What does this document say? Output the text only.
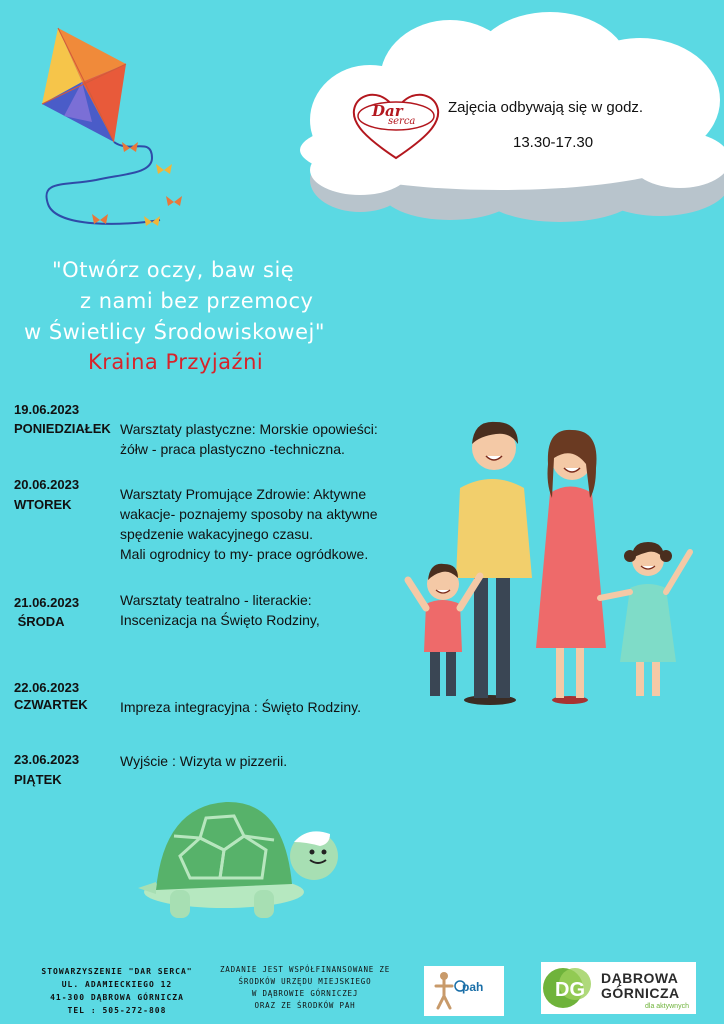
Dar
serca
Zajęcia odbywają się w godz.
13.30-17.30
"Otwórz oczy, baw się
z nami bez przemocy
w Świetlicy Środowiskowej"
Kraina Przyjaźni
19.06.2023
PONIEDZIAŁEK Warsztaty plastyczne: Morskie opowieści:
żółw - praca plastyczno -techniczna.
20.06.2023
WTOREK
Warsztaty Promujące Zdrowie: Aktywne
wakacje- poznajemy sposoby na aktywne
spędzenie wakacyjnego czasu.
Mali ogrodnicy to my- prace ogródkowe.
21.06.2023
ŚRODA
Warsztaty teatralno - literackie:
Inscenizacja na Święto Rodziny,
22.06.2023
CZWARTEK Impreza integracyjna : Święto Rodziny.
23.06.2023
PIĄTEK
Wyjście : Wizyta w pizzerii.
STOWARZYSZENIE "DAR SERCA"
UL. ADAMIECKIEGO 12
41-300 DĄBROWA GÓRNICZA
TEL : 505-272-808
ZADANIE JEST WSPÓŁFINANSOWANE ZE
ŚRODKÓW URZĘDU MIEJSKIEGO
W DĄBROWIE GÓRNICZEJ
ORAZ ZE ŚRODKÓW PAH
pah	DG
DĄBROWA
GÓRNICZA
dla aktywnych
